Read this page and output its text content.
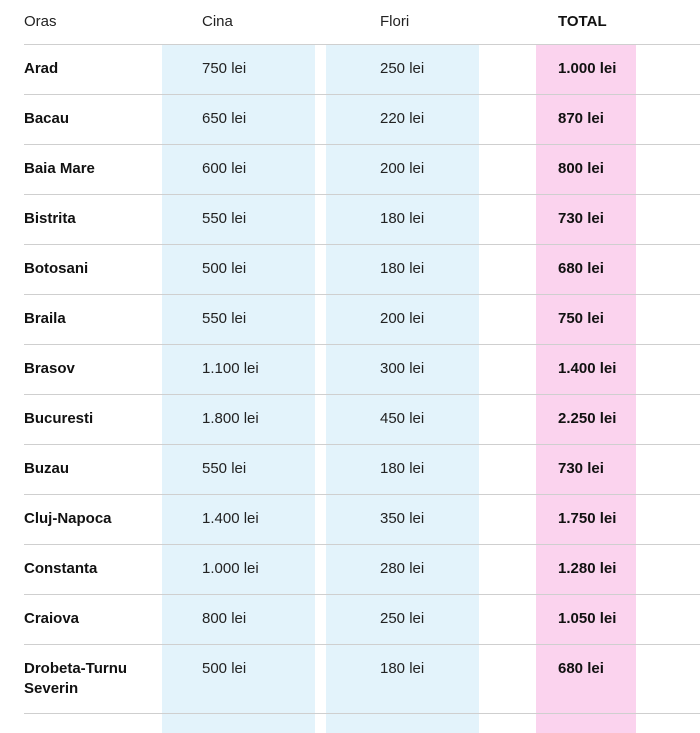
Oras	Cina	Flori	TOTAL
Arad	750 lei	250 lei	1.000 lei
Bacau	650 lei	220 lei	870 lei
Baia Mare	600 lei	200 lei	800 lei
Bistrita	550 lei	180 lei	730 lei
Botosani	500 lei	180 lei	680 lei
Braila	550 lei	200 lei	750 lei
Brasov	1.100 lei	300 lei	1.400 lei
Bucuresti	1.800 lei	450 lei	2.250 lei
Buzau	550 lei	180 lei	730 lei
Cluj-Napoca	1.400 lei	350 lei	1.750 lei
Constanta	1.000 lei	280 lei	1.280 lei
Craiova	800 lei	250 lei	1.050 lei
Drobeta-Turnu Severin	500 lei	180 lei	680 lei
